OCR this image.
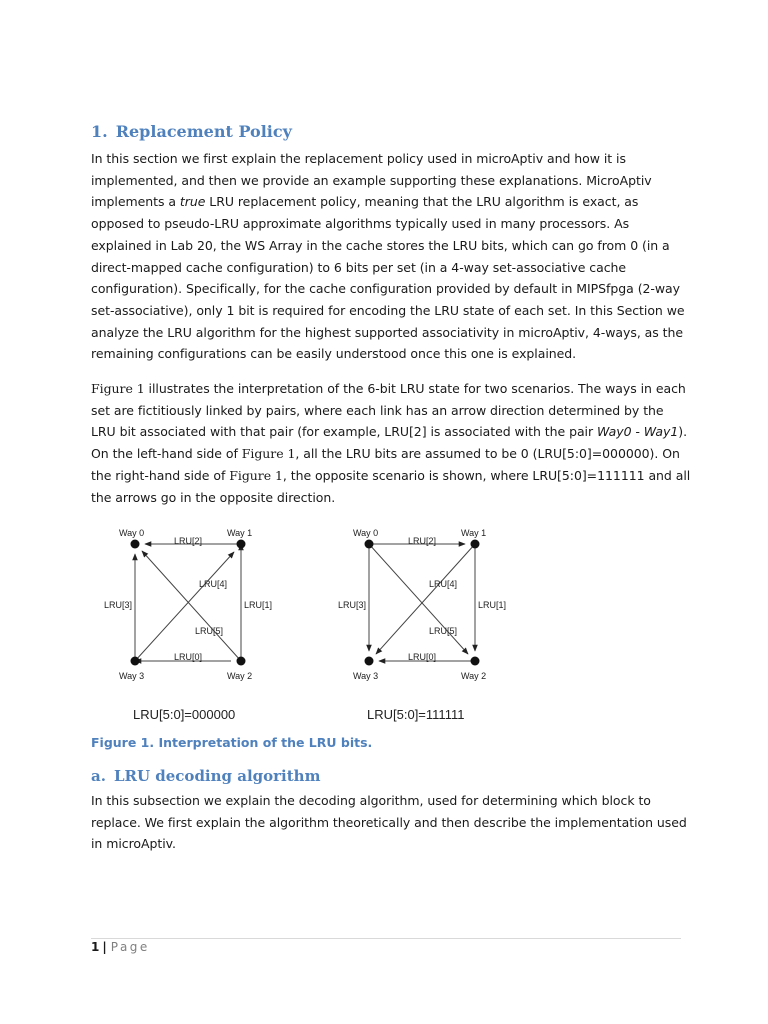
1. Replacement Policy

In this section we first explain the replacement policy used in microAptiv and how it is
implemented, and then we provide an example supporting these explanations. MicroAptiv
implements a true LRU replacement policy, meaning that the LRU algorithm is exact, as
opposed to pseudo-LRU approximate algorithms typically used in many processors. As
explained in Lab 20, the WS Array in the cache stores the LRU bits, which can go from 0 (in a
direct-mapped cache configuration) to 6 bits per set (in a 4-way set-associative cache
configuration). Specifically, for the cache configuration provided by default in MIPSfpga (2-way
set-associative), only 1 bit is required for encoding the LRU state of each set. In this Section we
analyze the LRU algorithm for the highest supported associativity in microAptiv, 4-ways, as the
remaining configurations can be easily understood once this one is explained.

Figure 1 illustrates the interpretation of the 6-bit LRU state for two scenarios. The ways in each
set are fictitiously linked by pairs, where each link has an arrow direction determined by the
LRU bit associated with that pair (for example, LRU[2] is associated with the pair Way0 - Way1).
On the left-hand side of Figure 1, all the LRU bits are assumed to be 0 (LRU[5:0]=000000). On
the right-hand side of Figure 1, the opposite scenario is shown, where LRU[5:0]=111111 and all
the arrows go in the opposite direction.

Way 0	Way 1
Way 2
Way 3
LRU[2]
LRU[1]
LRU[3]
LRU[0]
LRU[4]
LRU[5]
LRU[5:0]=000000
Way 0	Way 1
Way 2
Way 3
LRU[2]
LRU[1]
LRU[3]
LRU[0]
LRU[4]
LRU[5]
LRU[5:0]=111111

Figure 1. Interpretation of the LRU bits.

a. LRU decoding algorithm

In this subsection we explain the decoding algorithm, used for determining which block to
replace. We first explain the algorithm theoretically and then describe the implementation used
in microAptiv.

1 | Page
